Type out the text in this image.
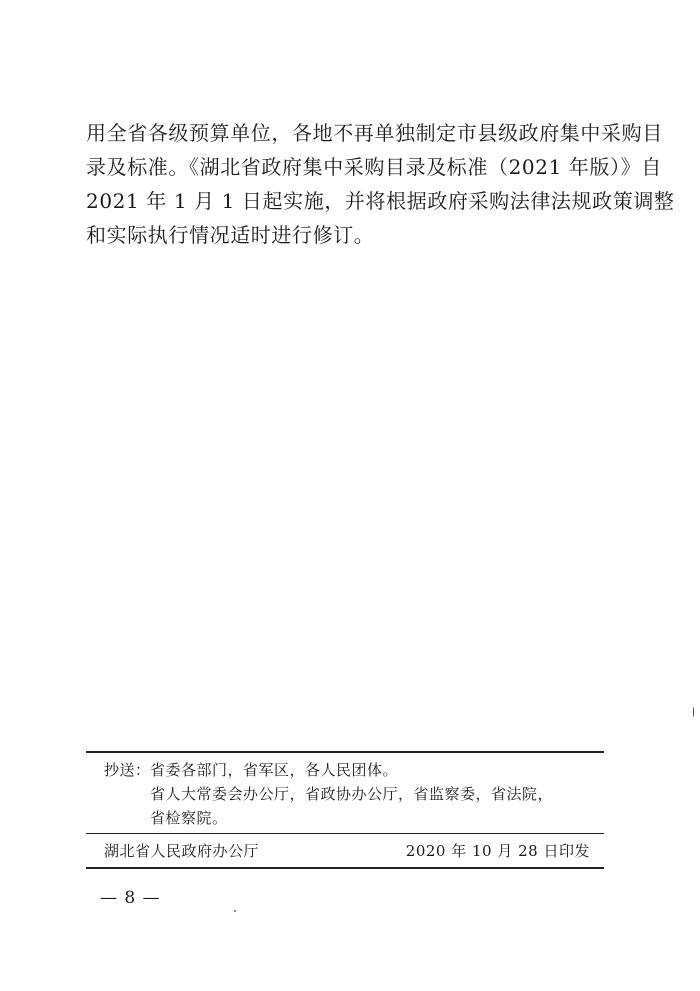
用全省各级预算单位，各地不再单独制定市县级政府集中采购目
录及标准。《湖北省政府集中采购目录及标准（2021 年版）》自
2021 年 1 月 1 日起实施，并将根据政府采购法律法规政策调整
和实际执行情况适时进行修订。
抄送： 省委各部门，省军区，各人民团体。
省人大常委会办公厅，省政协办公厅，省监察委，省法院，
省检察院。
湖北省人民政府办公厅	2020 年 10 月 28 日印发
— 8 —
